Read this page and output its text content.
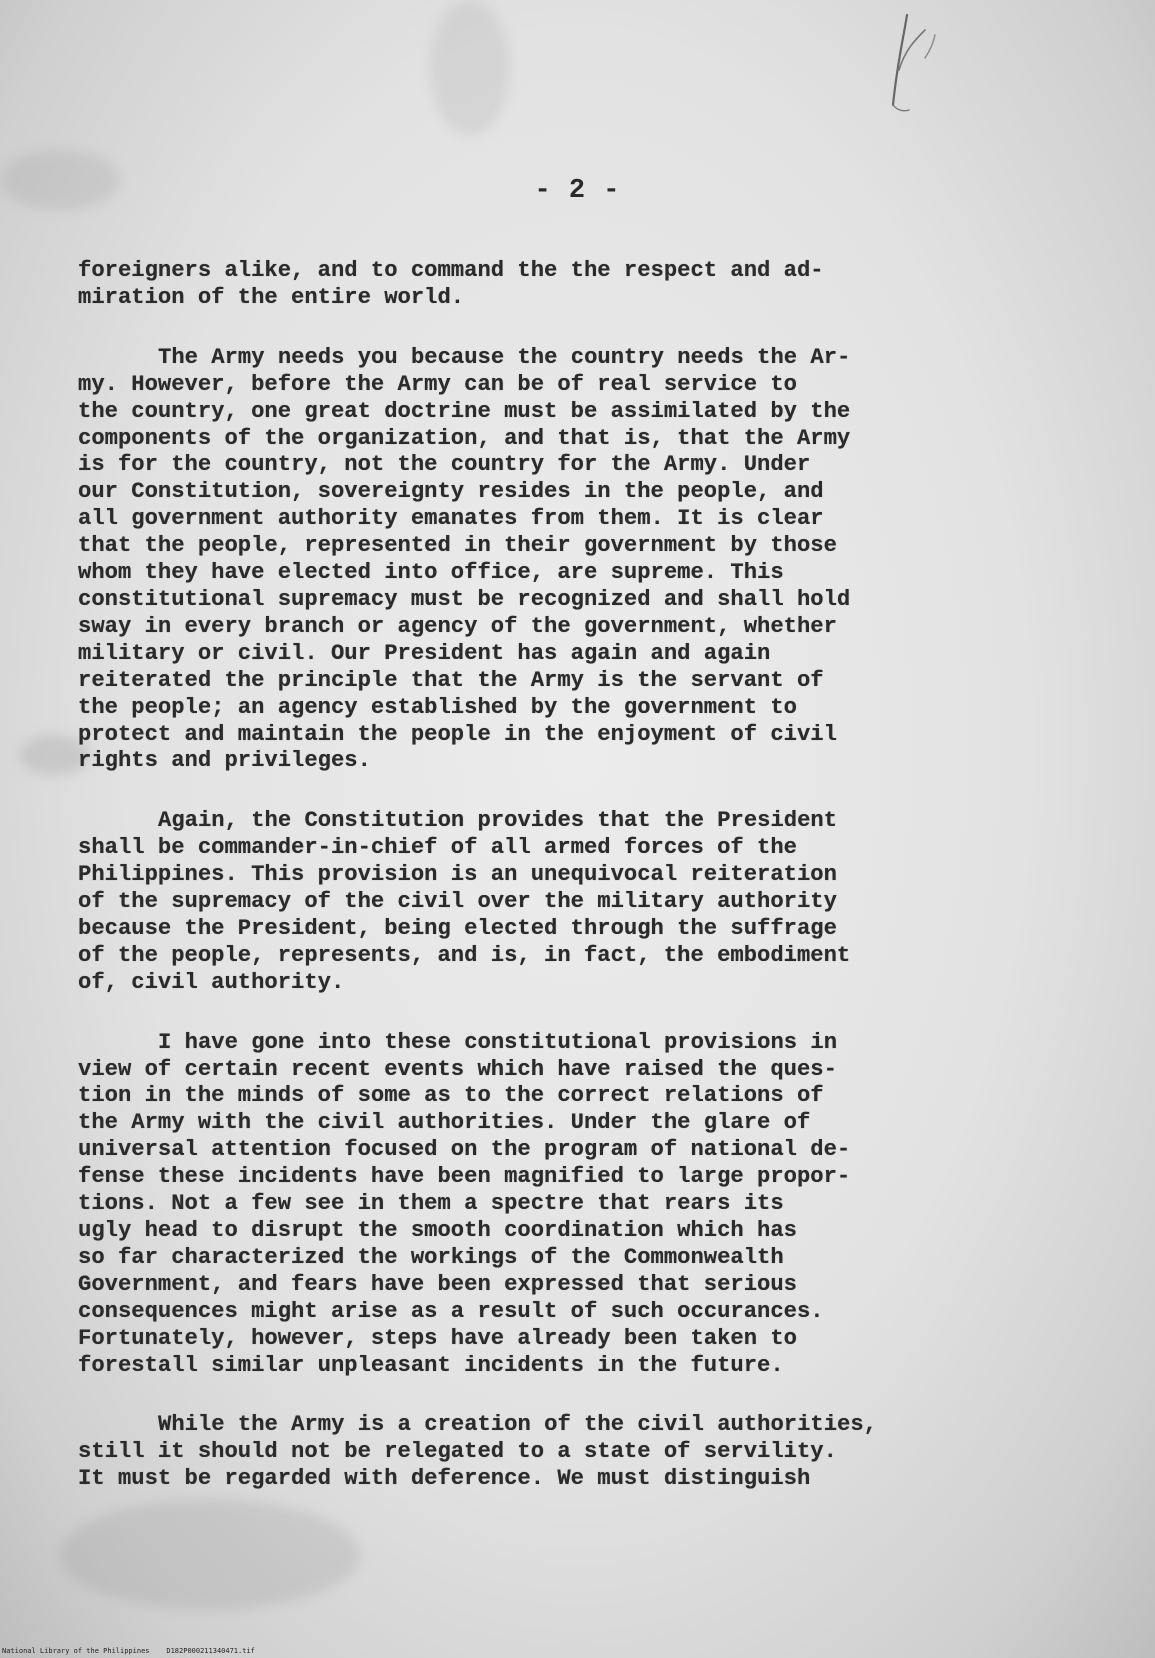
- 2 -
foreigners alike, and to command the the respect and ad-
miration of the entire world.
The Army needs you because the country needs the Ar-
my. However, before the Army can be of real service to
the country, one great doctrine must be assimilated by the
components of the organization, and that is, that the Army
is for the country, not the country for the Army. Under
our Constitution, sovereignty resides in the people, and
all government authority emanates from them. It is clear
that the people, represented in their government by those
whom they have elected into office, are supreme. This
constitutional supremacy must be recognized and shall hold
sway in every branch or agency of the government, whether
military or civil. Our President has again and again
reiterated the principle that the Army is the servant of
the people; an agency established by the government to
protect and maintain the people in the enjoyment of civil
rights and privileges.
Again, the Constitution provides that the President
shall be commander-in-chief of all armed forces of the
Philippines. This provision is an unequivocal reiteration
of the supremacy of the civil over the military authority
because the President, being elected through the suffrage
of the people, represents, and is, in fact, the embodiment
of, civil authority.
I have gone into these constitutional provisions in
view of certain recent events which have raised the ques-
tion in the minds of some as to the correct relations of
the Army with the civil authorities. Under the glare of
universal attention focused on the program of national de-
fense these incidents have been magnified to large propor-
tions. Not a few see in them a spectre that rears its
ugly head to disrupt the smooth coordination which has
so far characterized the workings of the Commonwealth
Government, and fears have been expressed that serious
consequences might arise as a result of such occurances.
Fortunately, however, steps have already been taken to
forestall similar unpleasant incidents in the future.
While the Army is a creation of the civil authorities,
still it should not be relegated to a state of servility.
It must be regarded with deference. We must distinguish
National Library of the Philippines D182P000211340471.tif
